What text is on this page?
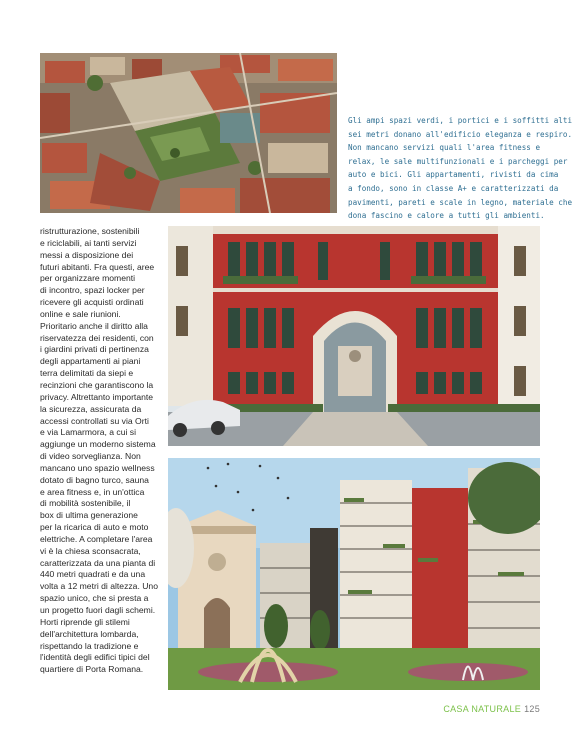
Gli ampi spazi verdi, i portici e i soffitti alti
sei metri donano all'edificio eleganza e respiro.
Non mancano servizi quali l'area fitness e
relax, le sale multifunzionali e i parcheggi per
auto e bici. Gli appartamenti, rivisti da cima
a fondo, sono in classe A+ e caratterizzati da
pavimenti, pareti e scale in legno, materiale che
dona fascino e calore a tutti gli ambienti.
ristrutturazione, sostenibili
e riciclabili, ai tanti servizi
messi a disposizione dei
futuri abitanti. Fra questi, aree
per organizzare momenti
di incontro, spazi locker per
ricevere gli acquisti ordinati
online e sale riunioni.
Prioritario anche il diritto alla
riservatezza dei residenti, con
i giardini privati di pertinenza
degli appartamenti ai piani
terra delimitati da siepi e
recinzioni che garantiscono la
privacy. Altrettanto importante
la sicurezza, assicurata da
accessi controllati su via Orti
e via Lamarmora, a cui si
aggiunge un moderno sistema
di video sorveglianza. Non
mancano uno spazio wellness
dotato di bagno turco, sauna
e area fitness e, in un'ottica
di mobilità sostenibile, il
box di ultima generazione
per la ricarica di auto e moto
elettriche. A completare l'area
vi è la chiesa sconsacrata,
caratterizzata da una pianta di
440 metri quadrati e da una
volta a 12 metri di altezza. Uno
spazio unico, che si presta a
un progetto fuori dagli schemi.
Horti riprende gli stilemi
dell'architettura lombarda,
rispettando la tradizione e
l'identità degli edifici tipici del
quartiere di Porta Romana.
CASA NATURALE 125
